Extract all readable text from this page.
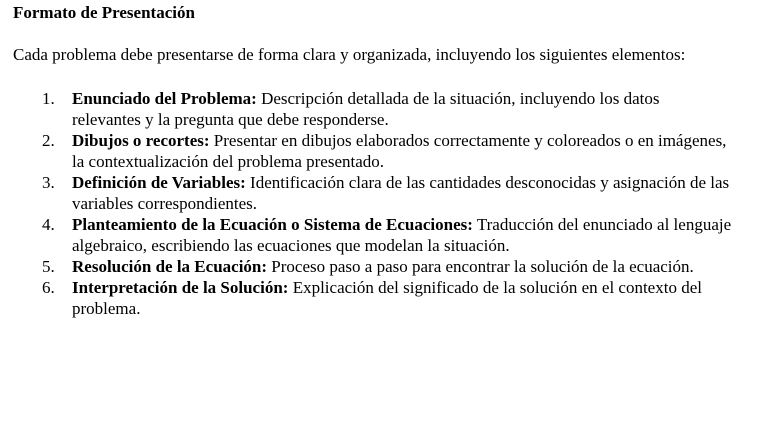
Formato de Presentación

Cada problema debe presentarse de forma clara y organizada, incluyendo los siguientes elementos:

1. Enunciado del Problema: Descripción detallada de la situación, incluyendo los datos relevantes y la pregunta que debe responderse.
2. Dibujos o recortes: Presentar en dibujos elaborados correctamente y coloreados o en imágenes, la contextualización del problema presentado.
3. Definición de Variables: Identificación clara de las cantidades desconocidas y asignación de las variables correspondientes.
4. Planteamiento de la Ecuación o Sistema de Ecuaciones: Traducción del enunciado al lenguaje algebraico, escribiendo las ecuaciones que modelan la situación.
5. Resolución de la Ecuación: Proceso paso a paso para encontrar la solución de la ecuación.
6. Interpretación de la Solución: Explicación del significado de la solución en el contexto del problema.
